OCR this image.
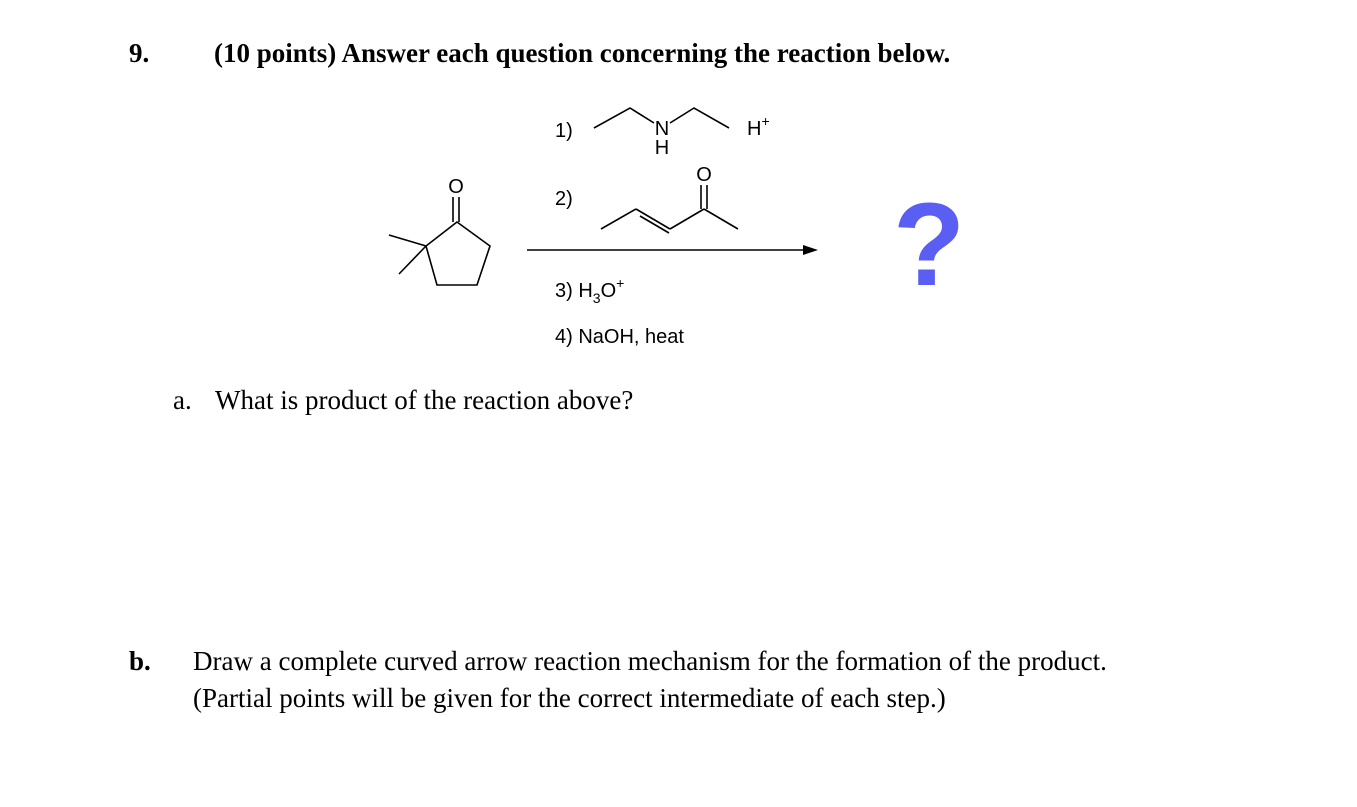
9. (10 points) Answer each question concerning the reaction below.
O
1)	N
H
H+
2)
O
3) $H_3O^+$
4) NaOH, heat
?
a. What is product of the reaction above?
b. Draw a complete curved arrow reaction mechanism for the formation of the product.
(Partial points will be given for the correct intermediate of each step.)
